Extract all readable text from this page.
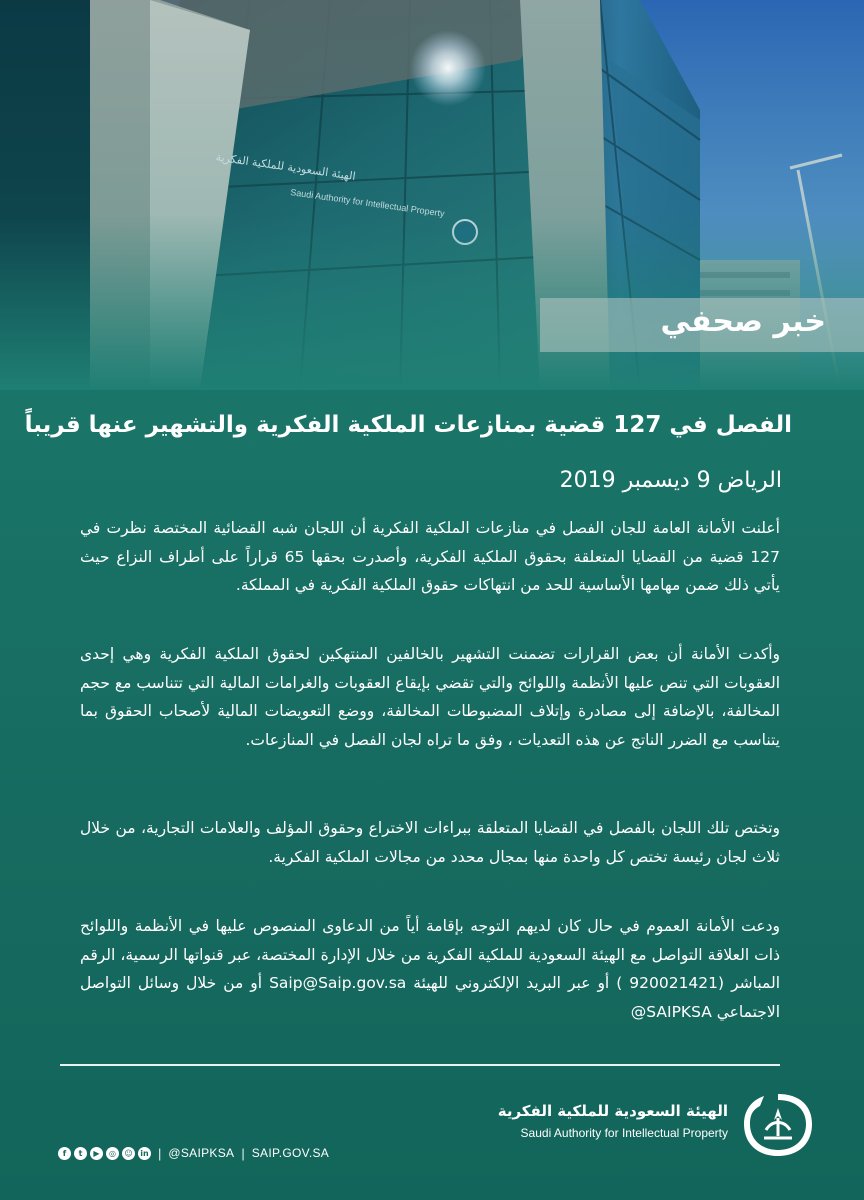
خبر صحفي
الفصل في 127 قضية بمنازعات الملكية الفكرية والتشهير عنها قريباً
الرياض 9 ديسمبر 2019

أعلنت الأمانة العامة للجان الفصل في منازعات الملكية الفكرية أن اللجان شبه القضائية المختصة نظرت في 127 قضية من القضايا المتعلقة بحقوق الملكية الفكرية، وأصدرت بحقها 65 قراراً على أطراف النزاع حيث يأتي ذلك ضمن مهامها الأساسية للحد من انتهاكات حقوق الملكية الفكرية في المملكة.

وأكدت الأمانة أن بعض القرارات تضمنت التشهير بالخالفين المنتهكين لحقوق الملكية الفكرية وهي إحدى العقوبات التي تنص عليها الأنظمة واللوائح والتي تقضي بإيقاع العقوبات والغرامات المالية التي تتناسب مع حجم المخالفة، بالإضافة إلى مصادرة وإتلاف المضبوطات المخالفة، ووضع التعويضات المالية لأصحاب الحقوق بما يتناسب مع الضرر الناتج عن هذه التعديات ، وفق ما تراه لجان الفصل في المنازعات.

وتختص تلك اللجان بالفصل في القضايا المتعلقة ببراءات الاختراع وحقوق المؤلف والعلامات التجارية، من خلال ثلاث لجان رئيسة تختص كل واحدة منها بمجال محدد من مجالات الملكية الفكرية.

ودعت الأمانة العموم في حال كان لديهم التوجه بإقامة أياً من الدعاوى المنصوص عليها في الأنظمة واللوائح ذات العلاقة التواصل مع الهيئة السعودية للملكية الفكرية من خلال الإدارة المختصة، عبر قنواتها الرسمية، الرقم المباشر (920021421 ) أو عبر البريد الإلكتروني للهيئة Saip@Saip.gov.sa أو من خلال وسائل التواصل الاجتماعي SAIPKSA@

f	t	▶	◎	☺ in | @SAIPKSA | SAIP.GOV.SA
الهيئة السعودية للملكية الفكرية
Saudi Authority for Intellectual Property
